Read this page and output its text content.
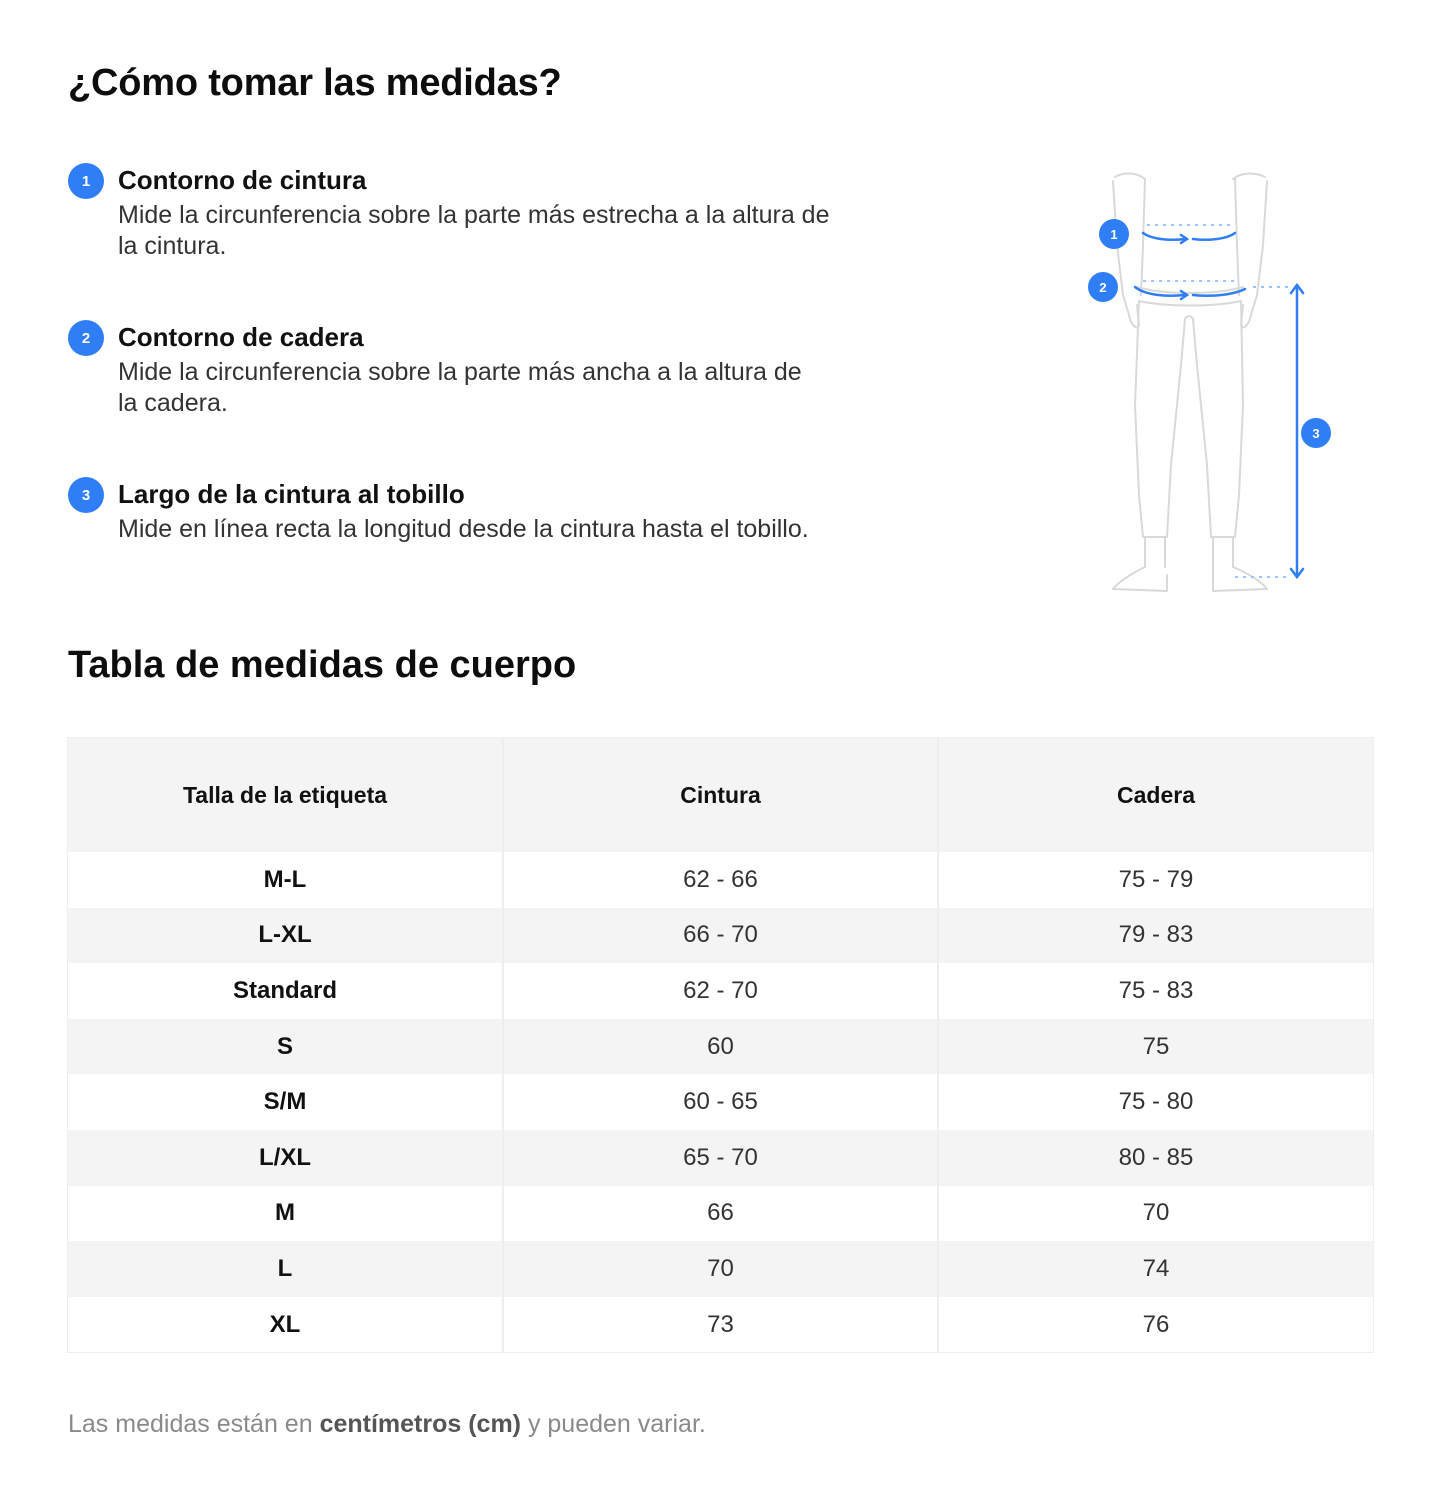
¿Cómo tomar las medidas?
1	Contorno de cintura
Mide la circunferencia sobre la parte más estrecha a la altura de
la cintura.
2	Contorno de cadera
Mide la circunferencia sobre la parte más ancha a la altura de
la cadera.
3	Largo de la cintura al tobillo
Mide en línea recta la longitud desde la cintura hasta el tobillo.
1
2
3
Tabla de medidas de cuerpo
Talla de la etiqueta	Cintura	Cadera
M-L	62 - 66	75 - 79
L-XL	66 - 70	79 - 83
Standard	62 - 70	75 - 83
S	60	75
S/M	60 - 65	75 - 80
L/XL	65 - 70	80 - 85
M	66	70
L	70	74
XL	73	76

Las medidas están en centímetros (cm) y pueden variar.
